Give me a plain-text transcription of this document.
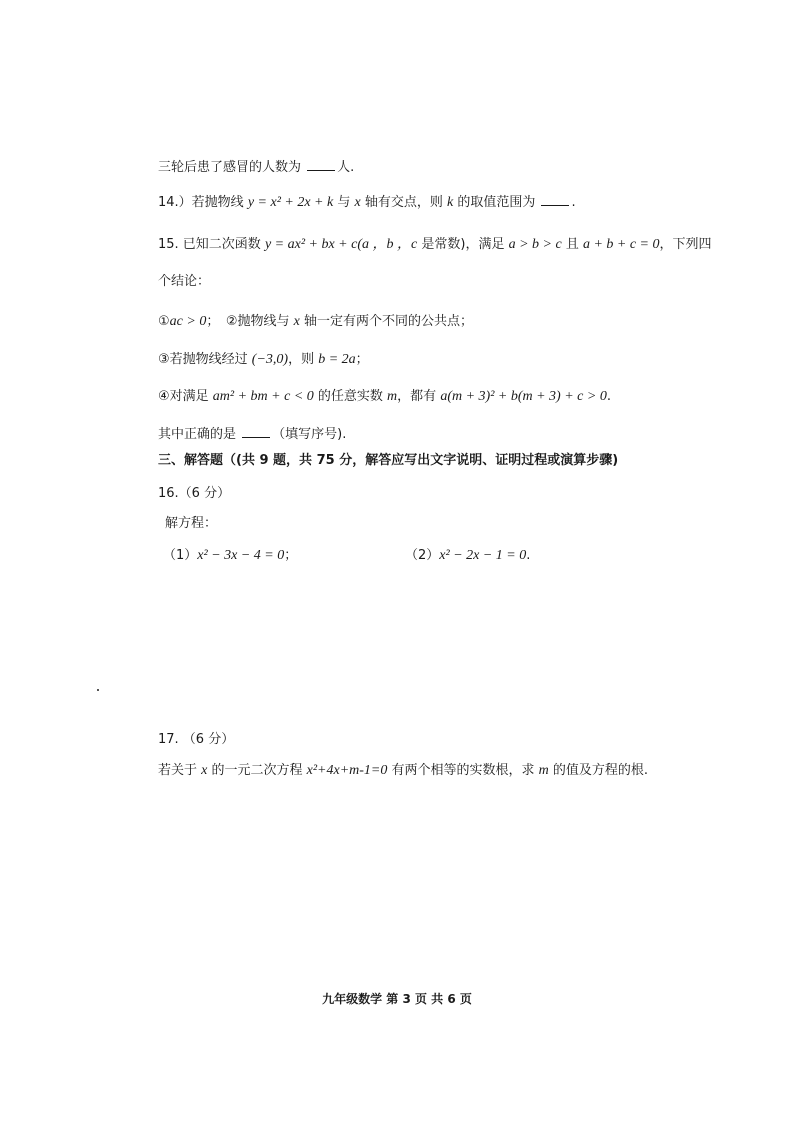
三轮后患了感冒的人数为 人.
14.）若抛物线 y = x² + 2x + k 与 x 轴有交点，则 k 的取值范围为 .
15. 已知二次函数 y = ax² + bx + c(a ，b ，c 是常数)，满足 a > b > c 且 a + b + c = 0，下列四
个结论：
①ac > 0；　②抛物线与 x 轴一定有两个不同的公共点；
③若抛物线经过 (−3,0)，则 b = 2a；
④对满足 am² + bm + c < 0 的任意实数 m，都有 a(m + 3)² + b(m + 3) + c > 0.
其中正确的是 （填写序号).
三、解答题（(共 9 题，共 75 分，解答应写出文字说明、证明过程或演算步骤)
16.（6 分）
解方程：
（1）x² − 3x − 4 = 0；	（2）x² − 2x − 1 = 0.
17. （6 分）
若关于 x 的一元二次方程 x²+4x+m-1=0 有两个相等的实数根，求 m 的值及方程的根.
九年级数学 第 3 页 共 6 页
